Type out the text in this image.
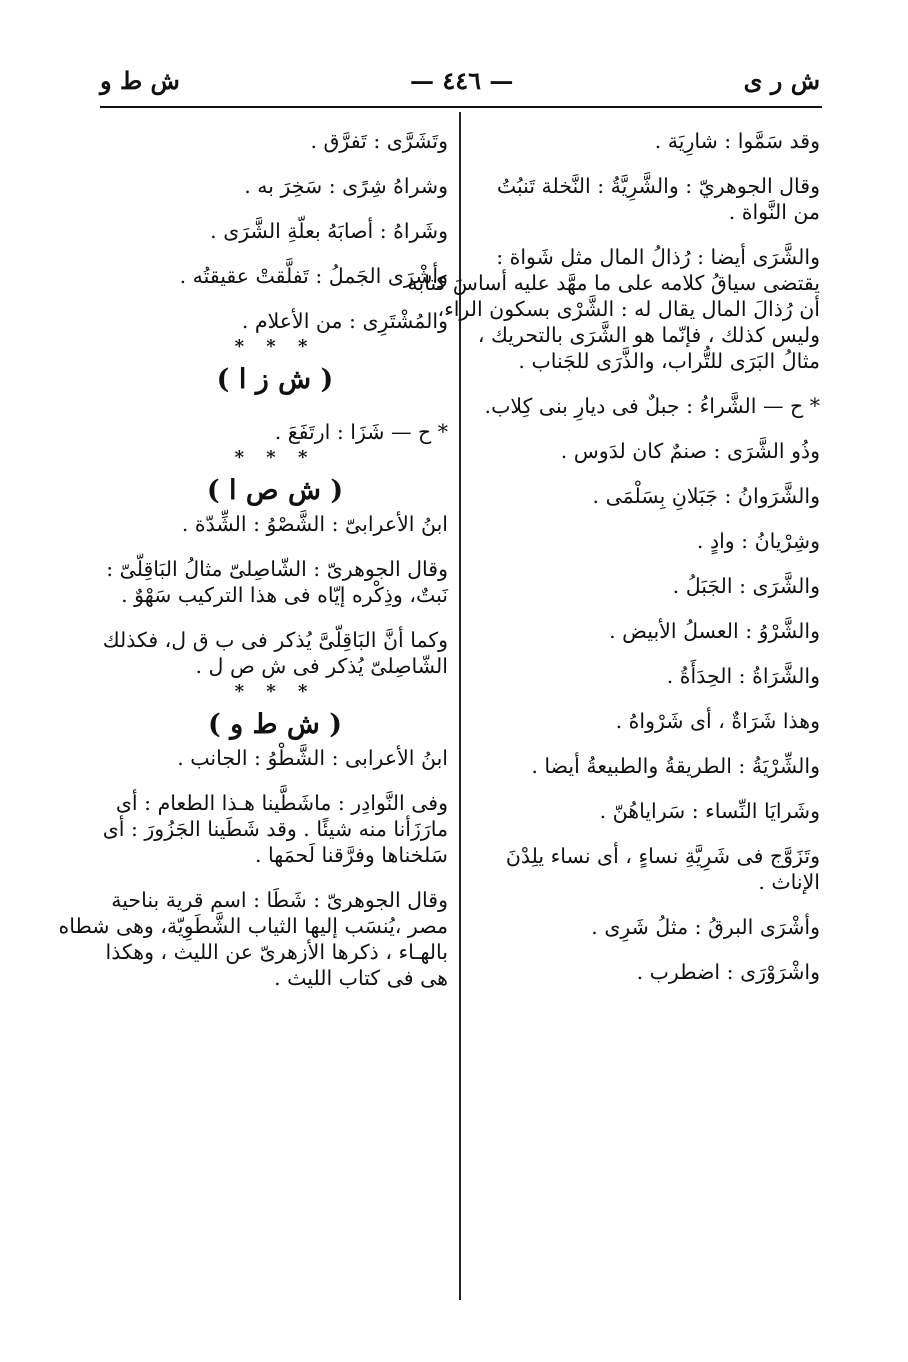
ش ر ى
— ٤٤٦ —
ش ط و

وقد سَمَّوا : شارِيَة .

وقال الجوهريّ : والشَّرِيَّةُ : النَّخلة تَنبُتُ

من النَّواة .

والشَّرَى أيضا : رُذالُ المال مثل شَواة :

يقتضى سياقُ كلامه على ما مهَّد عليه أساسَ كتابه

أن رُذالَ المال يقال له : الشَّرْى بسكون الراء،

وليس كذلك ، فإنّما هو الشَّرَى بالتحريك ،

مثالُ البَرَى للتُّراب، والذَّرَى للجَناب .

* ح — الشَّراءُ : جبلٌ فى ديارِ بنى كِلاب.

وذُو الشَّرَى : صنمٌ كان لدَوس .

والشَّرَوانُ : جَبَلانِ بِسَلْمَى .

وشِرْيانُ : وادٍ .

والشَّرَى : الجَبَلُ .

والشَّرْوُ : العسلُ الأبيض .

والشَّرَاةُ : الحِدَأَةُ .

وهذا شَرَاةٌ ، أى شَرْواهُ .

والشِّرْيَةُ : الطريقةُ والطبيعةُ أيضا .

وشَرايَا النِّساء : سَراياهُنّ .

وتَزَوَّج فى شَرِيَّةِ نساءٍ ، أى نساء يلِدْنَ

الإناث .

وأشْرَى البرقُ : مثلُ شَرِى .

واشْرَوْرَى : اضطرب .

وتَشَرَّى : تَفرَّق .

وشراهُ شِرًى : سَخِرَ به .

وشَراهُ : أصابَهُ بعلّةِ الشَّرَى .

وأشْرَى الجَملُ : تَفلَّقتْ عقيقتُه .

والمُشْتَرِى : من الأعلام .

* * *

( ش ز ا )

* ح — شَزَا : ارتَفَعَ .

* * *

( ش ص ا )

ابنُ الأعرابىّ : الشَّصْوُ : الشِّدّة .

وقال الجوهرىّ : الشّاصِلىّ مثالُ البَاقِلّىّ :

نَبتٌ، وذِكْره إيّاه فى هذا التركيب سَهْوٌ .

وكما أنَّ البَاقِلّىَّ يُذكر فى ب ق ل، فكذلك

الشّاصِلىّ يُذكر فى ش ص ل .

* * *

( ش ط و )

ابنُ الأعرابى : الشَّطْوُ : الجانب .

وفى النَّوادِر : ماشَطَّينا هـذا الطعام : أى

مارَزَأنا منه شيئًا . وقد شَطَينا الجَزُورَ : أى

سَلخناها وفرَّقنا لَحمَها .

وقال الجوهرىّ : شَطَا : اسم قرية بناحية

مصر ،يُنسَب إليها الثياب الشَّطَوِيّة، وهى شطاه

بالهـاء ، ذكرها الأزهرىّ عن الليث ، وهكذا

هى فى كتاب الليث .
